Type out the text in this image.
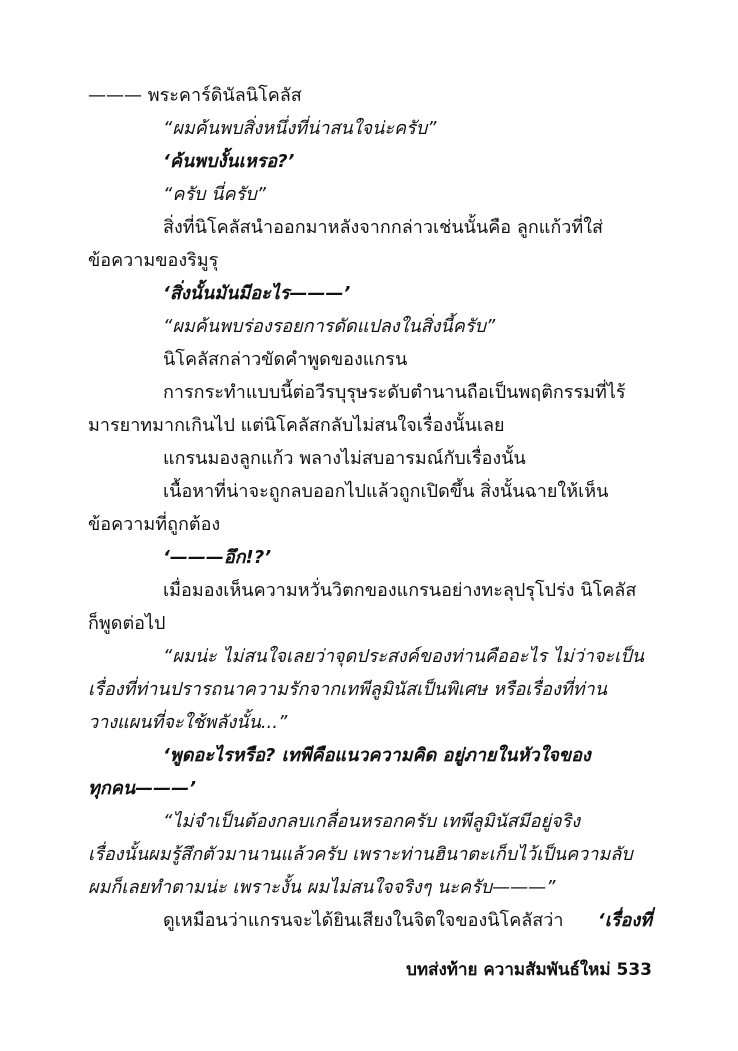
——— พระคาร์ดินัลนิโคลัส
“ผมค้นพบสิ่งหนึ่งที่น่าสนใจน่ะครับ”
‘ค้นพบงั้นเหรอ?’
“ครับ นี่ครับ”
สิ่งที่นิโคลัสนำออกมาหลังจากกล่าวเช่นนั้นคือ ลูกแก้วที่ใส่
ข้อความของริมูรุ
‘สิ่งนั้นมันมีอะไร———’
“ผมค้นพบร่องรอยการดัดแปลงในสิ่งนี้ครับ”
นิโคลัสกล่าวขัดคำพูดของแกรน
การกระทำแบบนี้ต่อวีรบุรุษระดับตำนานถือเป็นพฤติกรรมที่ไร้
มารยาทมากเกินไป แต่นิโคลัสกลับไม่สนใจเรื่องนั้นเลย
แกรนมองลูกแก้ว พลางไม่สบอารมณ์กับเรื่องนั้น
เนื้อหาที่น่าจะถูกลบออกไปแล้วถูกเปิดขึ้น สิ่งนั้นฉายให้เห็น
ข้อความที่ถูกต้อง
‘———อึก!?’
เมื่อมองเห็นความหวั่นวิตกของแกรนอย่างทะลุปรุโปร่ง นิโคลัส
ก็พูดต่อไป
“ผมน่ะ ไม่สนใจเลยว่าจุดประสงค์ของท่านคืออะไร ไม่ว่าจะเป็น
เรื่องที่ท่านปรารถนาความรักจากเทพีลูมินัสเป็นพิเศษ หรือเรื่องที่ท่าน
วางแผนที่จะใช้พลังนั้น...”
‘พูดอะไรหรือ? เทพีคือแนวความคิด อยู่ภายในหัวใจของ
ทุกคน———’
“ไม่จำเป็นต้องกลบเกลื่อนหรอกครับ เทพีลูมินัสมีอยู่จริง
เรื่องนั้นผมรู้สึกตัวมานานแล้วครับ เพราะท่านฮินาตะเก็บไว้เป็นความลับ
ผมก็เลยทำตามน่ะ เพราะงั้น ผมไม่สนใจจริงๆ นะครับ———”
ดูเหมือนว่าแกรนจะได้ยินเสียงในจิตใจของนิโคลัสว่า ‘เรื่องที่
บทส่งท้าย ความสัมพันธ์ใหม่ 533
